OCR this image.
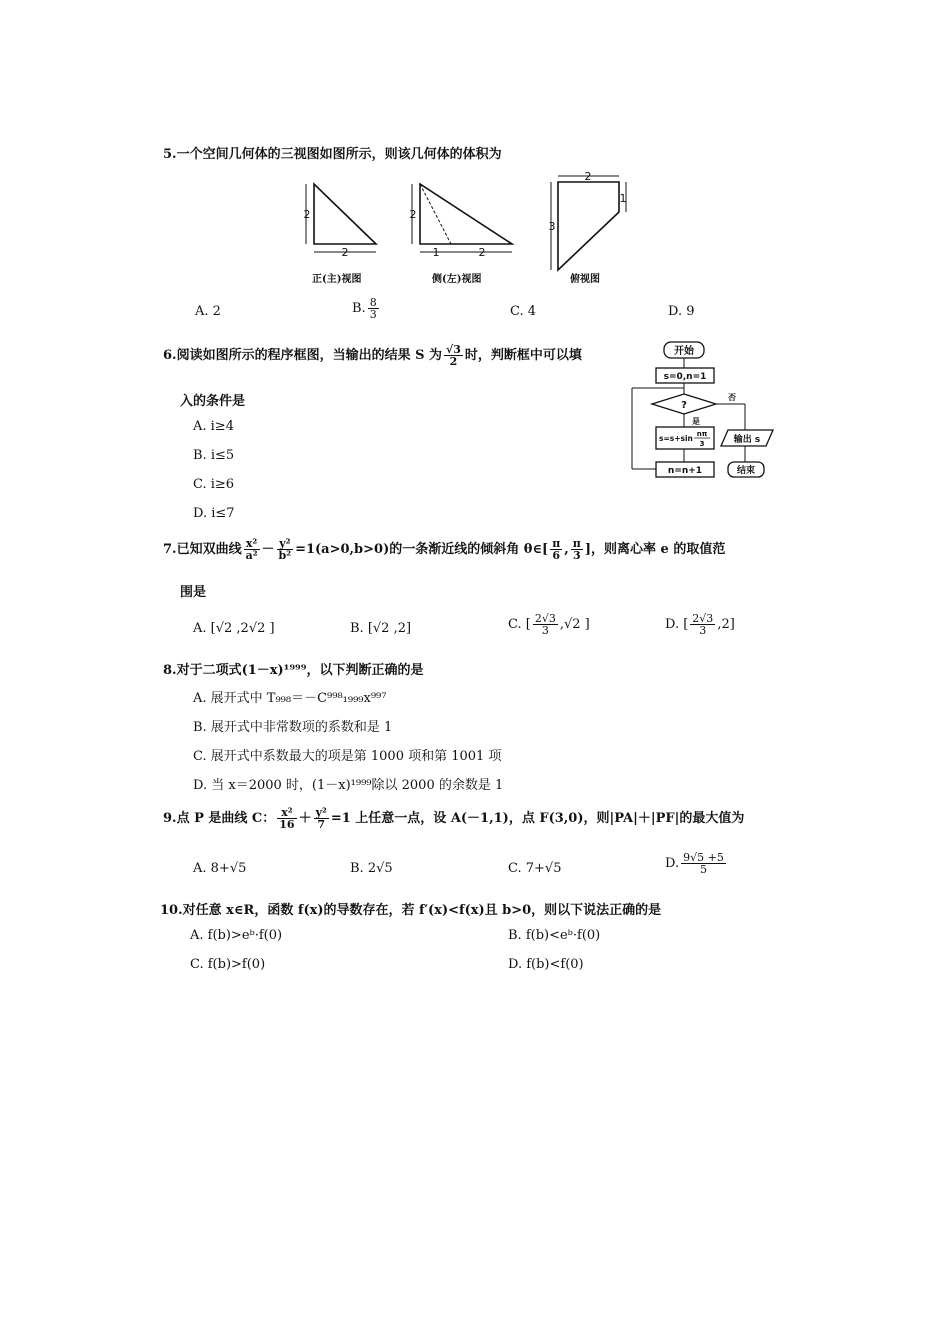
5.一个空间几何体的三视图如图所示，则该几何体的体积为
2
2
2
1	2
2
3
1
正(主)视图	侧(左)视图	俯视图
A. 2	B. $\frac{8}{3}$	C. 4	D. 9
6.阅读如图所示的程序框图，当输出的结果 S 为 $\frac{√3}{2}$ 时，判断框中可以填
入的条件是
A. i≥4
B. i≤5
C. i≥6
D. i≤7
开始
s=0,n=1
?
否
是
s=s+sin nπ
3
n=n+1
输出 s
结束
7.已知双曲线 $\frac{\text{x²}}{\text{a²}} - \frac{\text{y²}}{\text{b²}} =1(a>0,b>0)$的一条渐近线的倾斜角 θ∈[ $\frac{\pi}{6}$ , $\frac{\pi}{3}$ ]，则离心率 e 的取值范
围是
A. [√2 ,2√2 ]	B. [√2 ,2]	C. [ $\frac{2√3}{3} ,√2$ ]	D. [ $\frac{2√3}{3} ,2$]
8.对于二项式(1－x)¹⁹⁹⁹，以下判断正确的是
A. 展开式中 T₉₉₈＝－C⁹⁹⁸₁₉₉₉x⁹⁹⁷
B. 展开式中非常数项的系数和是 1
C. 展开式中系数最大的项是第 1000 项和第 1001 项
D. 当 x＝2000 时，(1－x)¹⁹⁹⁹除以 2000 的余数是 1
9.点 P 是曲线 C： $\frac{\text{x²}}{16} + \frac{\text{y²}}{7} =1$ 上任意一点，设 A(－1,1)，点 F(3,0)，则|PA|＋|PF|的最大值为
A. 8+√5	B. 2√5	C. 7+√5	D. $\frac{9√5 +5}{5}$
10.对任意 x∈R，函数 f(x)的导数存在，若 f′(x)<f(x)且 b>0，则以下说法正确的是
A. f(b)>eᵇ·f(0)	B. f(b)<eᵇ·f(0)
C. f(b)>f(0)	D. f(b)<f(0)
